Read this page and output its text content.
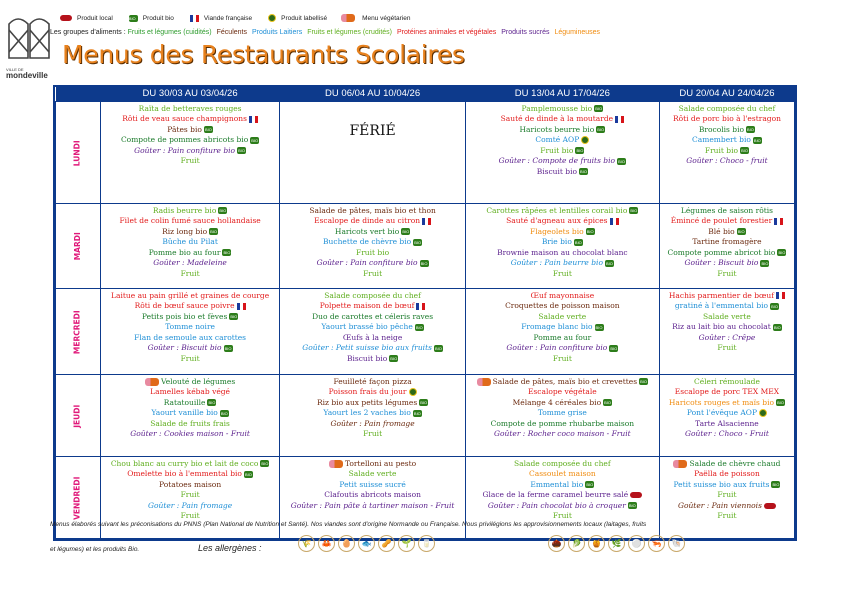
VILLE DE
mondeville
Produit local	BIO	Produit bio	Viande française	Produit labellisé	Menu végétarien
Les groupes d'aliments : Fruits et légumes (cuidités) Féculents Produits Laitiers Fruits et légumes (crudités) Protéines animales et végétales Produits sucrés Légumineuses
Menus des Restaurants Scolaires
	DU 30/03 AU 03/04/26	DU 06/04 AU 10/04/26	DU 13/04 AU 17/04/26	DU 20/04 AU 24/04/26
LUNDI	
Raïta de betteraves rouges
Rôti de veau sauce champignons
Pâtes bio BIO
Compote de pommes abricots bio BIO
Goûter : Pain confiture bio BIO
Fruit

FÉRIÉ

Pamplemousse bio BIO
Sauté de dinde à la moutarde
Haricots beurre bio BIO
Comté AOP
Fruit bio BIO
Goûter : Compote de fruits bio BIO
Biscuit bio BIO

Salade composée du chef
Rôti de porc bio à l'estragon
Brocolis bio BIO
Camembert bio BIO
Fruit bio BIO
Goûter : Choco - fruit

MARDI	
Radis beurre bio BIO
Filet de colin fumé sauce hollandaise
Riz long bio BIO
Bûche du Pilat
Pomme bio au four BIO
Goûter : Madeleine
Fruit

Salade de pâtes, maïs bio et thon
Escalope de dinde au citron
Haricots vert bio BIO
Buchette de chèvre bio BIO
Fruit bio
Goûter : Pain confiture bio BIO
Fruit

Carottes râpées et lentilles corail bio BIO
Sauté d'agneau aux épices
Flageolets bio BIO
Brie bio BIO
Brownie maison au chocolat blanc
Goûter : Pain beurre bio BIO
Fruit

Légumes de saison rôtis
Émincé de poulet forestier
Blé bio BIO
Tartine fromagère
Compote pomme abricot bio BIO
Goûter : Biscuit bio BIO
Fruit

MERCREDI	
Laitue au pain grillé et graines de courge
Rôti de bœuf sauce poivre
Petits pois bio et fèves BIO
Tomme noire
Flan de semoule aux carottes
Goûter : Biscuit bio BIO
Fruit

Salade composée du chef
Polpette maison de bœuf
Duo de carottes et céleris raves
Yaourt brassé bio pêche BIO
Œufs à la neige
Goûter : Petit suisse bio aux fruits BIO
Biscuit bio BIO

Œuf mayonnaise
Croquettes de poisson maison
Salade verte
Fromage blanc bio BIO
Pomme au four
Goûter : Pain confiture bio BIO
Fruit

Hachis parmentier de bœuf
gratiné à l'emmental bio BIO
Salade verte
Riz au lait bio au chocolat BIO
Goûter : Crêpe
Fruit

JEUDI	
Velouté de légumes
Lamelles kébab végé
Ratatouille BIO
Yaourt vanille bio BIO
Salade de fruits frais
Goûter : Cookies maison - Fruit

Feuilleté façon pizza
Poisson frais du jour
Riz bio aux petits légumes BIO
Yaourt les 2 vaches bio BIO
Goûter : Pain fromage
Fruit

Salade de pâtes, maïs bio et crevettes BIO
Escalope végétale
Mélange 4 céréales bio BIO
Tomme grise
Compote de pomme rhubarbe maison
Goûter : Rocher coco maison - Fruit

Céleri rémoulade
Escalope de porc TEX MEX
Haricots rouges et maïs bio BIO
Pont l'évêque AOP
Tarte Alsacienne
Goûter : Choco - Fruit

VENDREDI	
Chou blanc au curry bio et lait de coco BIO
Omelette bio à l'emmental bio BIO
Potatoes maison
Fruit
Goûter : Pain fromage
Fruit

Tortelloni au pesto
Salade verte
Petit suisse sucré
Clafoutis abricots maison
Goûter : Pain pâte à tartiner maison - Fruit

Salade composée du chef
Cassoulet maison
Emmental bio BIO
Glace de la ferme caramel beurre salé
Goûter : Pain chocolat bio à croquer BIO
Fruit

Salade de chèvre chaud
Paëlla de poisson
Petit suisse bio aux fruits BIO
Fruit
Goûter : Pain viennois
Fruit
Menus élaborés suivant les préconisations du PNNS (Plan National de Nutrition et Santé). Nos viandes sont d'origine Normande ou Française. Nous privilégions les approvisionnements locaux (laitages, fruits
et légumes) et les produits Bio.	Les allergènes :	🌾	🦀	🥚	🐟	🥜	🌱	🥛	🌰	🥬	🍯	🌿	⚪	🦐	🐚
